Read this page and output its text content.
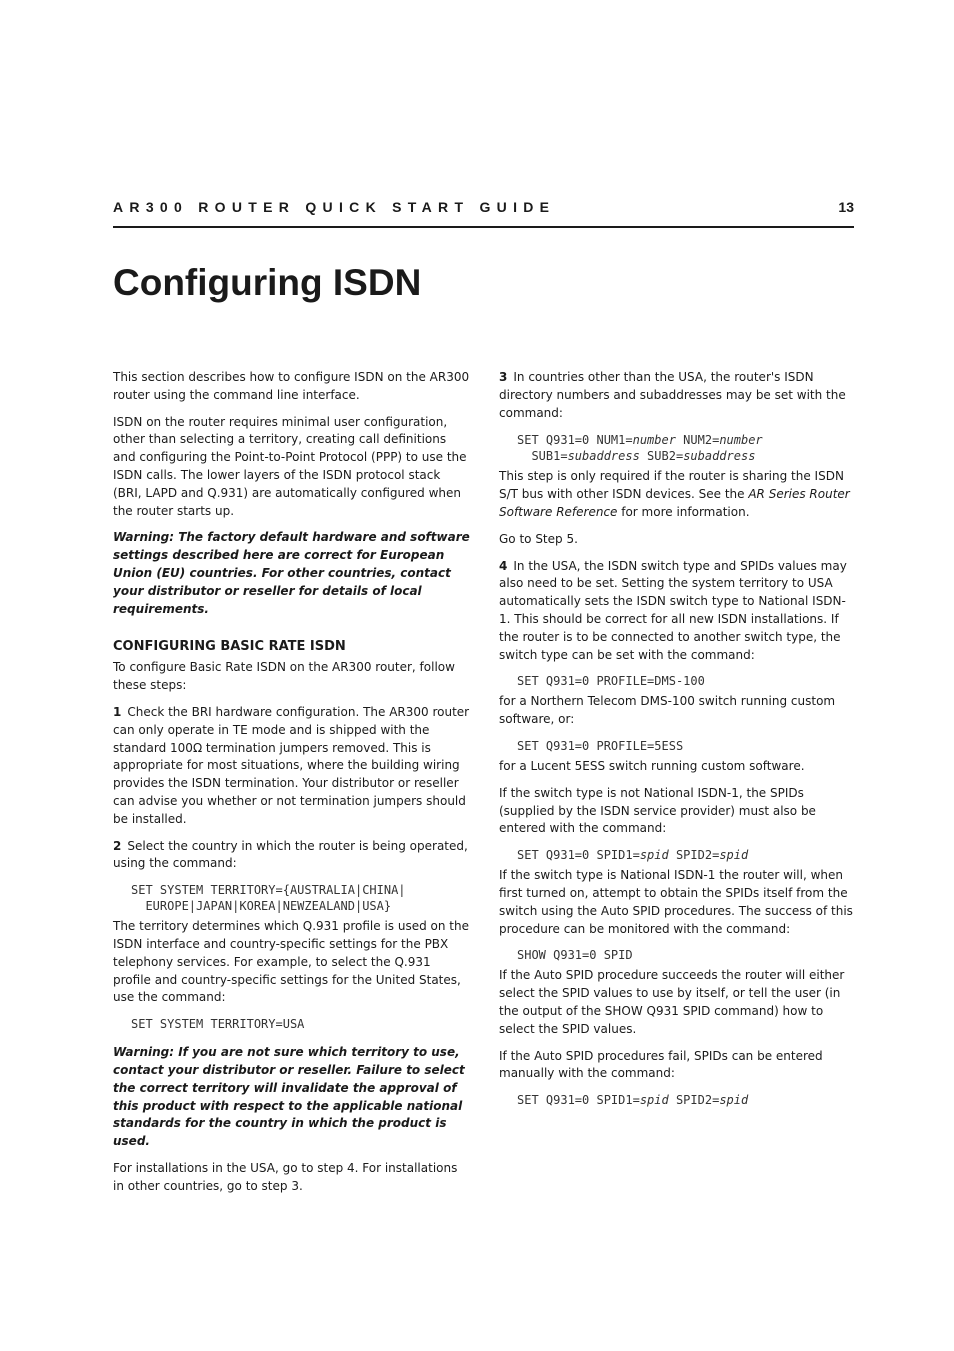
AR300 ROUTER QUICK START GUIDE	13
Configuring ISDN

This section describes how to configure ISDN on the AR300 router using the command line interface.

ISDN on the router requires minimal user configuration, other than selecting a territory, creating call definitions and configuring the Point-to-Point Protocol (PPP) to use the ISDN calls. The lower layers of the ISDN protocol stack (BRI, LAPD and Q.931) are automatically configured when the router starts up.

Warning: The factory default hardware and software settings described here are correct for European Union (EU) countries. For other countries, contact your distributor or reseller for details of local requirements.

CONFIGURING BASIC RATE ISDN

To configure Basic Rate ISDN on the AR300 router, follow these steps:

1 Check the BRI hardware configuration. The AR300 router can only operate in TE mode and is shipped with the standard 100Ω termination jumpers removed. This is appropriate for most situations, where the building wiring provides the ISDN termination. Your distributor or reseller can advise you whether or not termination jumpers should be installed.

2 Select the country in which the router is being operated, using the command:

SET SYSTEM TERRITORY={AUSTRALIA|CHINA|
EUROPE|JAPAN|KOREA|NEWZEALAND|USA}

The territory determines which Q.931 profile is used on the ISDN interface and country-specific settings for the PBX telephony services. For example, to select the Q.931 profile and country-specific settings for the United States, use the command:

SET SYSTEM TERRITORY=USA

Warning: If you are not sure which territory to use, contact your distributor or reseller. Failure to select the correct territory will invalidate the approval of this product with respect to the applicable national standards for the country in which the product is used.

For installations in the USA, go to step 4. For installations in other countries, go to step 3.

3 In countries other than the USA, the router's ISDN directory numbers and subaddresses may be set with the command:

SET Q931=0 NUM1=number NUM2=number
SUB1=subaddress SUB2=subaddress

This step is only required if the router is sharing the ISDN S/T bus with other ISDN devices. See the AR Series Router Software Reference for more information.

Go to Step 5.

4 In the USA, the ISDN switch type and SPIDs values may also need to be set. Setting the system territory to USA automatically sets the ISDN switch type to National ISDN-1. This should be correct for all new ISDN installations. If the router is to be connected to another switch type, the switch type can be set with the command:

SET Q931=0 PROFILE=DMS-100

for a Northern Telecom DMS-100 switch running custom software, or:

SET Q931=0 PROFILE=5ESS

for a Lucent 5ESS switch running custom software.

If the switch type is not National ISDN-1, the SPIDs (supplied by the ISDN service provider) must also be entered with the command:

SET Q931=0 SPID1=spid SPID2=spid

If the switch type is National ISDN-1 the router will, when first turned on, attempt to obtain the SPIDs itself from the switch using the Auto SPID procedures. The success of this procedure can be monitored with the command:

SHOW Q931=0 SPID

If the Auto SPID procedure succeeds the router will either select the SPID values to use by itself, or tell the user (in the output of the SHOW Q931 SPID command) how to select the SPID values.

If the Auto SPID procedures fail, SPIDs can be entered manually with the command:

SET Q931=0 SPID1=spid SPID2=spid
